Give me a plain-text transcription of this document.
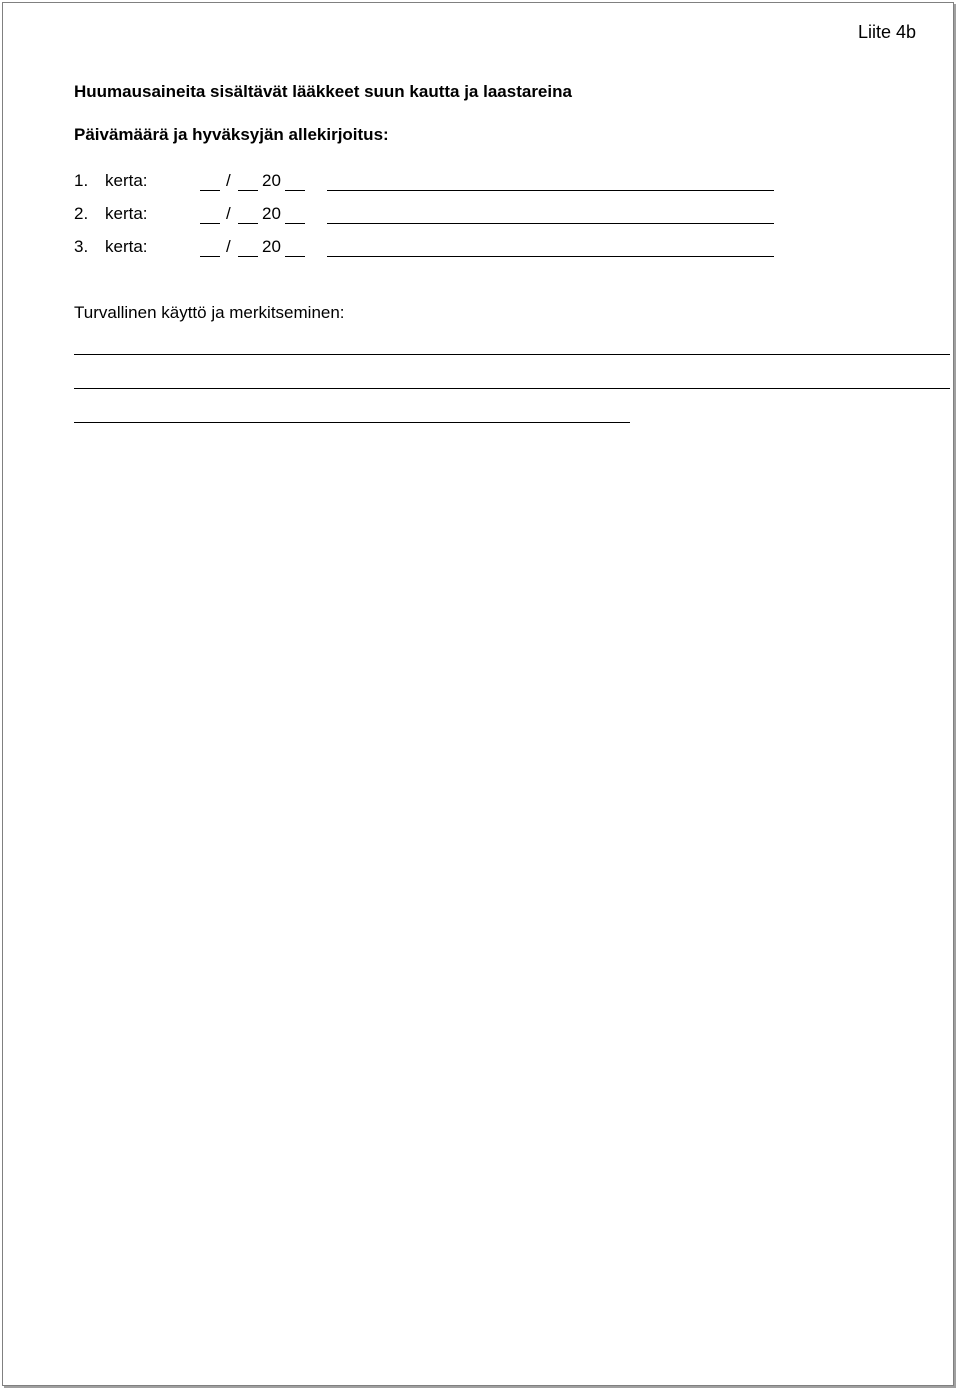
Liite 4b
Huumausaineita sisältävät lääkkeet suun kautta ja laastareina
Päivämäärä ja hyväksyjän allekirjoitus:
1. kerta:	/ 20
2. kerta:	/ 20
3. kerta:	/ 20
Turvallinen käyttö ja merkitseminen:
